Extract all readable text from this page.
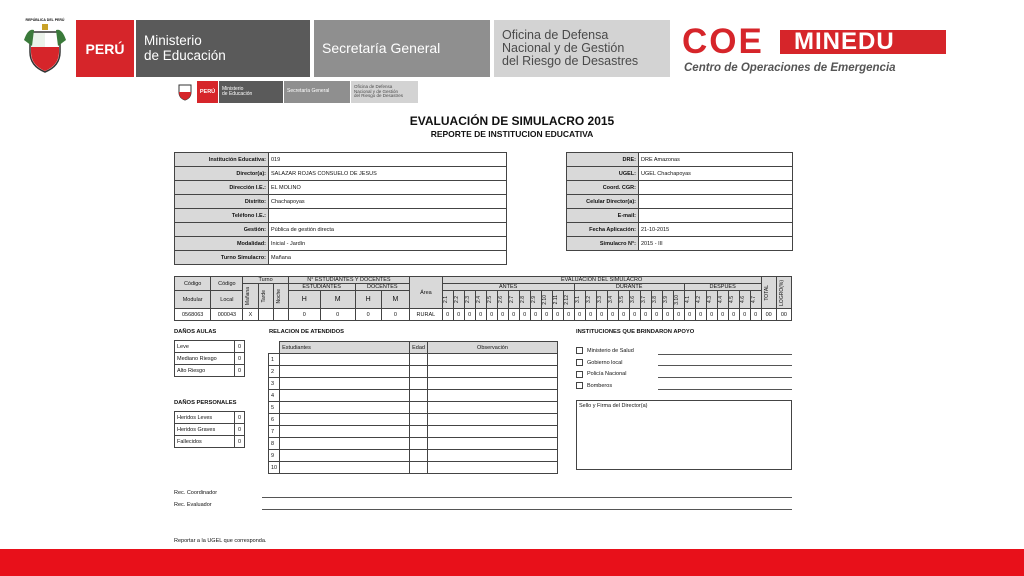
REPÚBLICA DEL PERÚ
PERÚ	Ministerio
de Educación	Secretaría General
Oficina de Defensa
Nacional y de Gestión
del Riesgo de Desastres
COE MINEDU
Centro de Operaciones de Emergencia
PERÚ
Ministerio
de Educación	Secretaría General
Oficina de Defensa
Nacional y de Gestión
del Riesgo de Desastres
EVALUACIÓN DE SIMULACRO 2015
REPORTE DE INSTITUCION EDUCATIVA
Institución Educativa:	019
Director(a):	SALAZAR ROJAS CONSUELO DE JESUS
Dirección I.E.:	EL MOLINO
Distrito:	Chachapoyas
Teléfono I.E.:	
Gestión:	Pública de gestión directa
Modalidad:	Inicial - Jardín
Turno Simulacro:	Mañana
DRE:	DRE Amazonas
UGEL:	UGEL Chachapoyas
Coord. CGR:	
Celular Director(a):	
E-mail:	
Fecha Aplicación:	21-10-2015
Simulacro N°:	2015 - III
Código	Código	Turno			N° ESTUDIANTES Y DOCENTES				Área	EVALUACIÓN DEL SIMULACRO																													TOTAL	LOGRO(%)

		Mañana	Tarde	Noche	ESTUDIANTES		DOCENTES			ANTES												DURANTE										DESPUES								
Modular	Local				H	M	H	M																																

										2.1	2.2	2.3	2.4	2.5	2.6	2.7	2.8	2.9	2.10	2.11	2.12	3.1	3.2	3.3	3.4	3.5	3.6	3.7	3.8	3.9	3.10	4.1	4.2	4.3	4.4	4.5	4.6	4.7		

0568063	000043	X			0	0	0	0	RURAL	0	0	0	0	0	0	0	0	0	0	0	0	0	0	0	0	0	0	0	0	0	0	0	0	0	0	0	0	0	00	00
DAÑOS AULAS
Leve	0
Mediano Riesgo	0
Alto Riesgo	0
DAÑOS PERSONALES
Heridos Leves	0
Heridos Graves	0
Fallecidos	0
RELACION DE ATENDIDOS
	Estudiantes	Edad	Observación
1			
2			
3			
4			
5			
6			
7			
8			
9			
10			
INSTITUCIONES QUE BRINDARON APOYO
Ministerio de Salud
Gobierno local
Policía Nacional
Bomberos
Sello y Firma del Director(a)
Rec. Coordinador
Rec. Evaluador
Reportar a la UGEL que corresponda.
